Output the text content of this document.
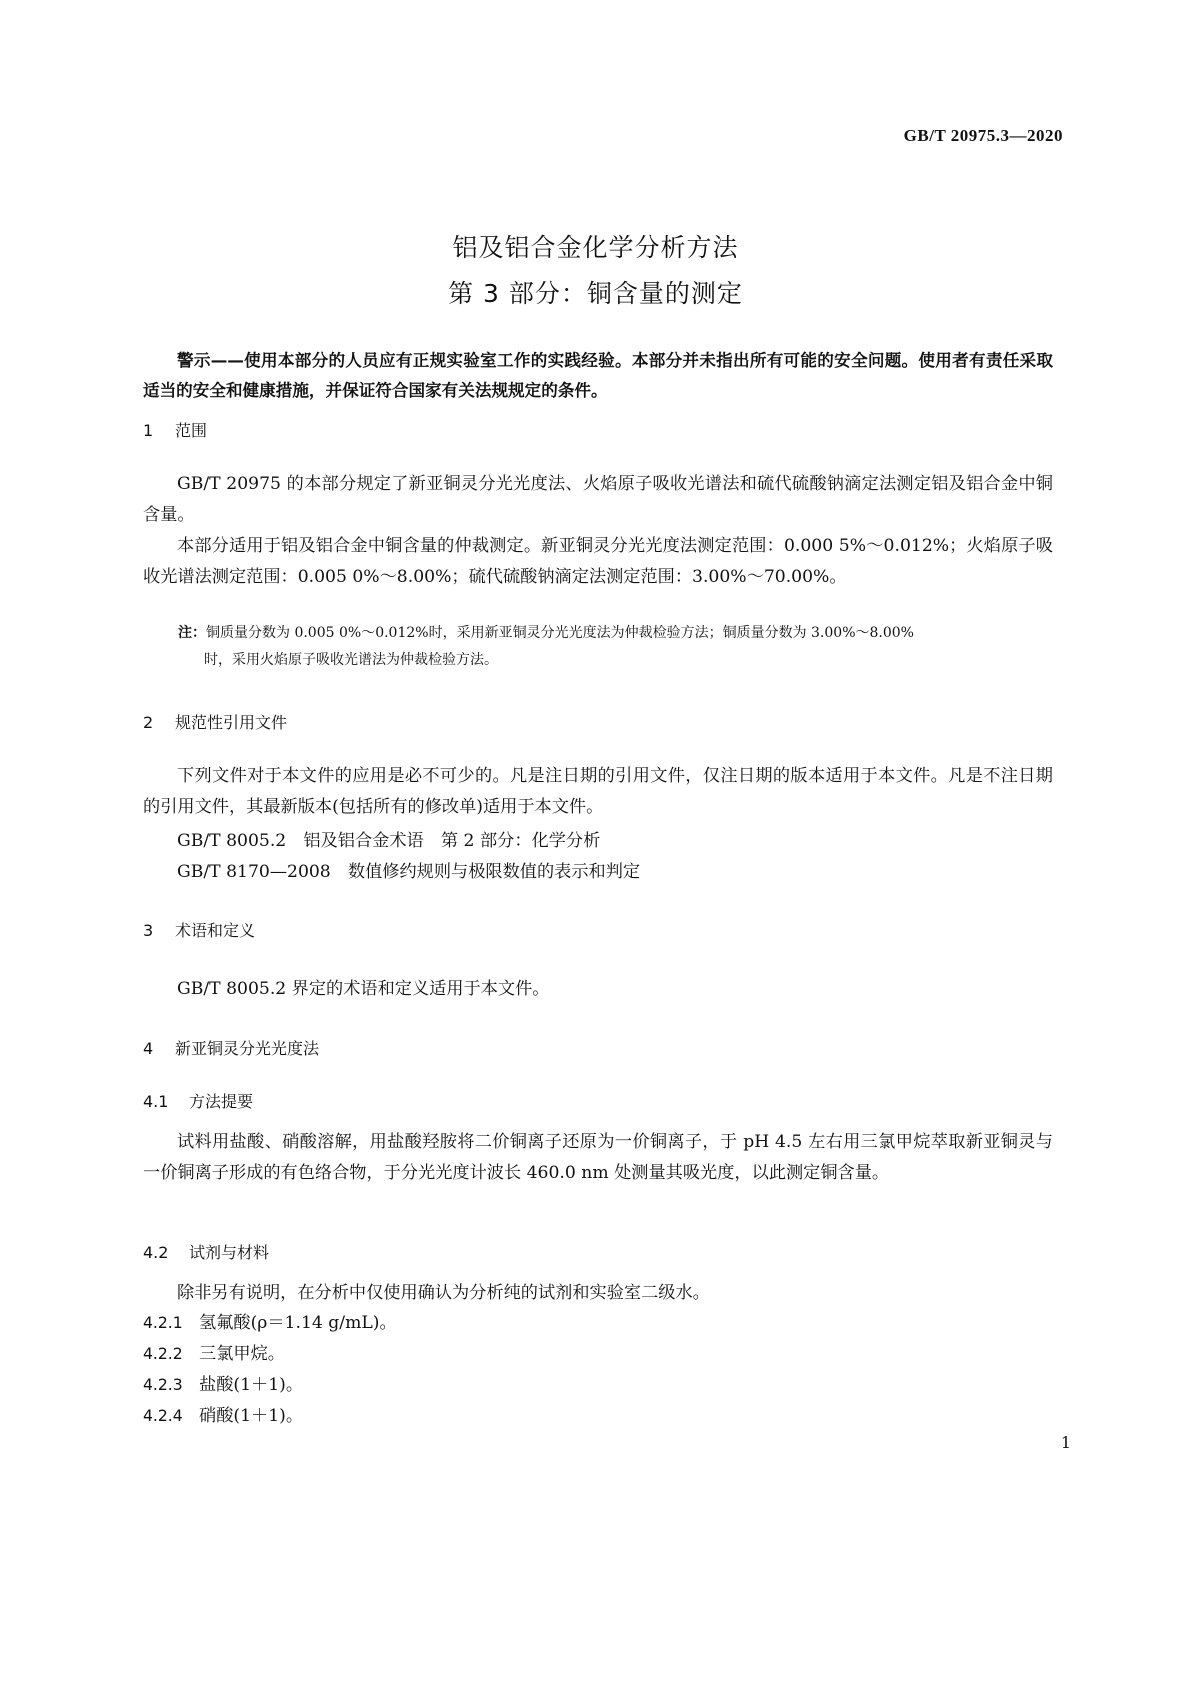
GB/T 20975.3—2020
铝及铝合金化学分析方法
第 3 部分：铜含量的测定
警示——使用本部分的人员应有正规实验室工作的实践经验。本部分并未指出所有可能的安全问题。使用者有责任采取适当的安全和健康措施，并保证符合国家有关法规规定的条件。
1 范围
GB/T 20975 的本部分规定了新亚铜灵分光光度法、火焰原子吸收光谱法和硫代硫酸钠滴定法测定铝及铝合金中铜含量。
本部分适用于铝及铝合金中铜含量的仲裁测定。新亚铜灵分光光度法测定范围：0.000 5%～0.012%；火焰原子吸收光谱法测定范围：0.005 0%～8.00%；硫代硫酸钠滴定法测定范围：3.00%～70.00%。
注：铜质量分数为 0.005 0%～0.012%时，采用新亚铜灵分光光度法为仲裁检验方法；铜质量分数为 3.00%～8.00%
时，采用火焰原子吸收光谱法为仲裁检验方法。
2 规范性引用文件
下列文件对于本文件的应用是必不可少的。凡是注日期的引用文件，仅注日期的版本适用于本文件。凡是不注日期的引用文件，其最新版本(包括所有的修改单)适用于本文件。
GB/T 8005.2　铝及铝合金术语　第 2 部分：化学分析
GB/T 8170—2008　数值修约规则与极限数值的表示和判定
3 术语和定义
GB/T 8005.2 界定的术语和定义适用于本文件。
4 新亚铜灵分光光度法
4.1 方法提要
试料用盐酸、硝酸溶解，用盐酸羟胺将二价铜离子还原为一价铜离子，于 pH 4.5 左右用三氯甲烷萃取新亚铜灵与一价铜离子形成的有色络合物，于分光光度计波长 460.0 nm 处测量其吸光度，以此测定铜含量。
4.2 试剂与材料
除非另有说明，在分析中仅使用确认为分析纯的试剂和实验室二级水。
4.2.1 氢氟酸(ρ＝1.14 g/mL)。
4.2.2 三氯甲烷。
4.2.3 盐酸(1＋1)。
4.2.4 硝酸(1＋1)。
1
